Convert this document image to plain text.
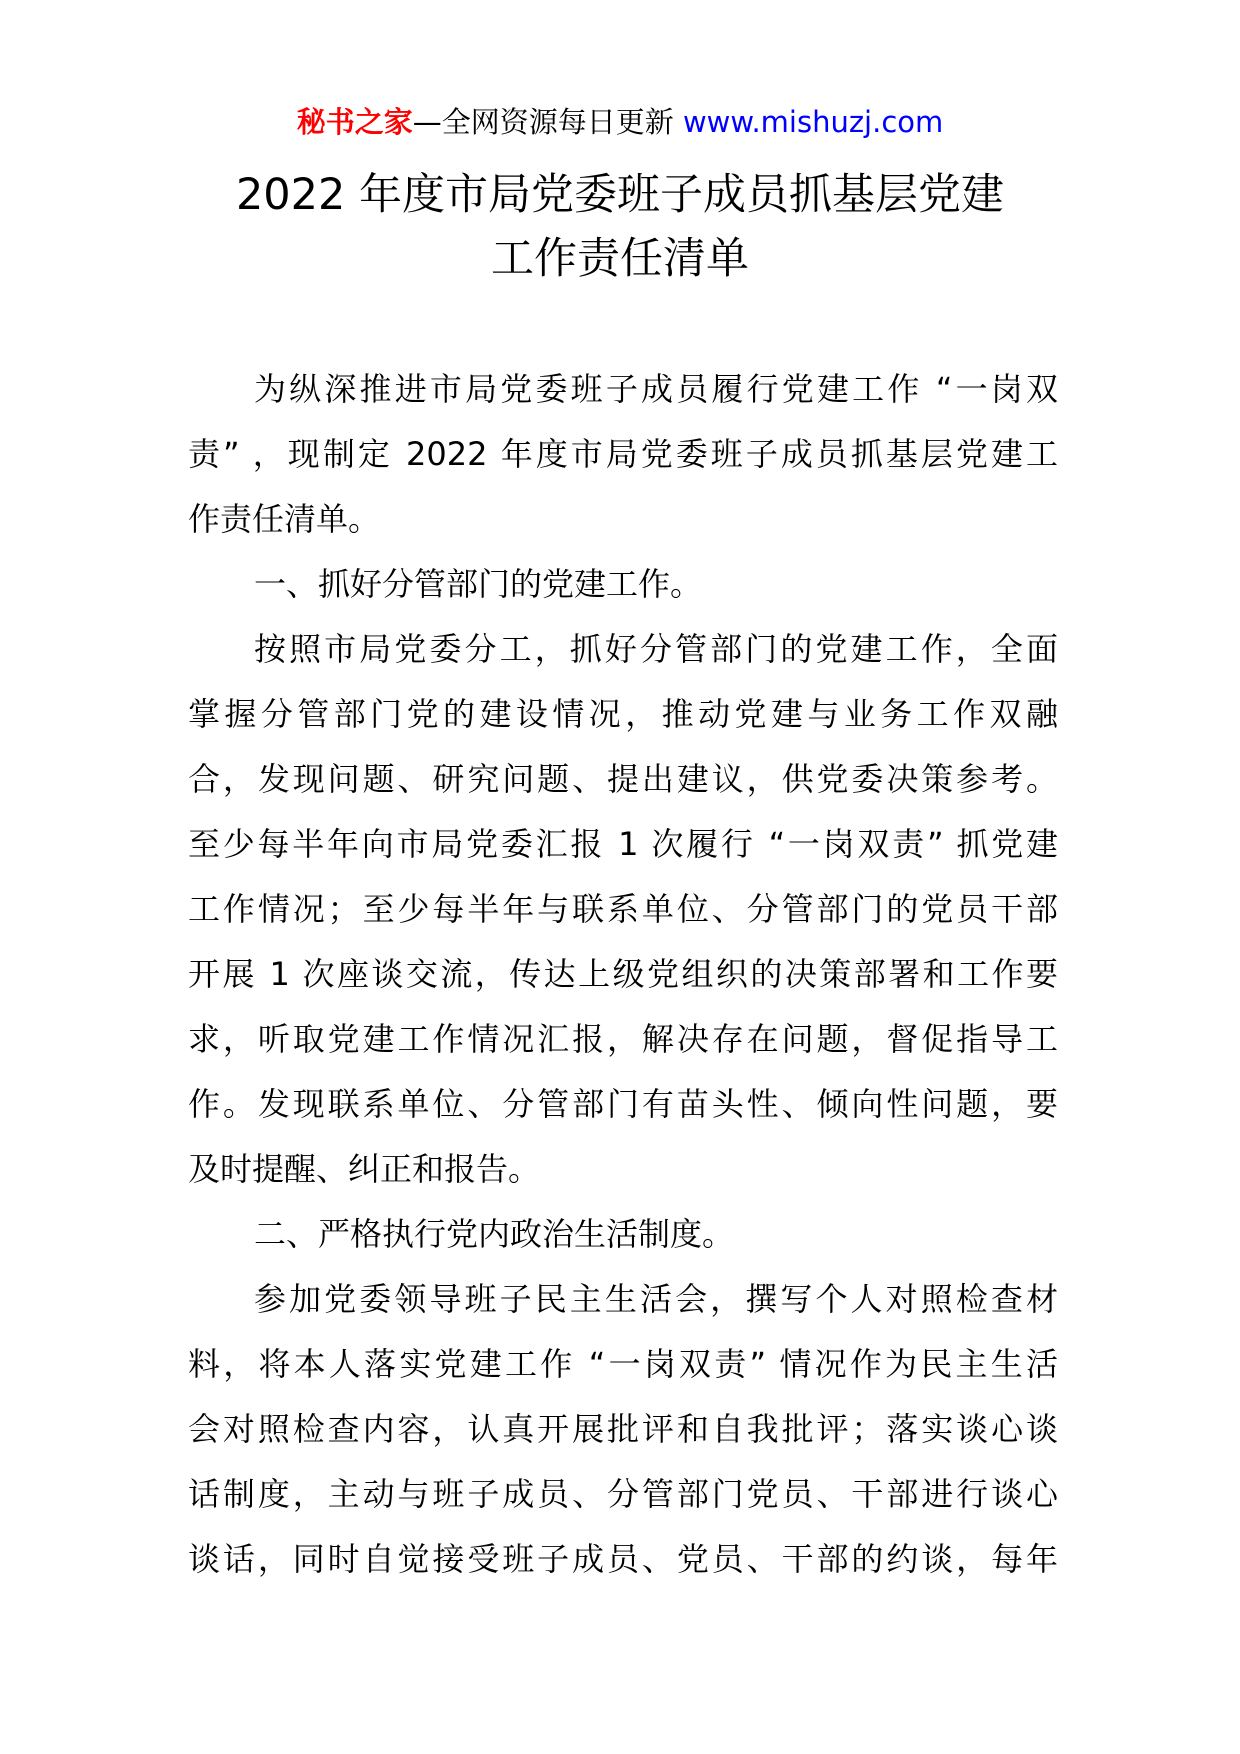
秘书之家—全网资源每日更新 www.mishuzj.com
2022 年度市局党委班子成员抓基层党建
工作责任清单
为纵深推进市局党委班子成员履行党建工作 “一岗双
责” ，现制定 2022 年度市局党委班子成员抓基层党建工
作责任清单。
一、抓好分管部门的党建工作。
按照市局党委分工，抓好分管部门的党建工作，全面
掌握分管部门党的建设情况，推动党建与业务工作双融
合，发现问题、研究问题、提出建议，供党委决策参考。
至少每半年向市局党委汇报 1 次履行 “一岗双责” 抓党建
工作情况；至少每半年与联系单位、分管部门的党员干部
开展 1 次座谈交流，传达上级党组织的决策部署和工作要
求，听取党建工作情况汇报，解决存在问题，督促指导工
作。发现联系单位、分管部门有苗头性、倾向性问题，要
及时提醒、纠正和报告。
二、严格执行党内政治生活制度。
参加党委领导班子民主生活会，撰写个人对照检查材
料，将本人落实党建工作 “一岗双责” 情况作为民主生活
会对照检查内容，认真开展批评和自我批评；落实谈心谈
话制度，主动与班子成员、分管部门党员、干部进行谈心
谈话，同时自觉接受班子成员、党员、干部的约谈，每年
